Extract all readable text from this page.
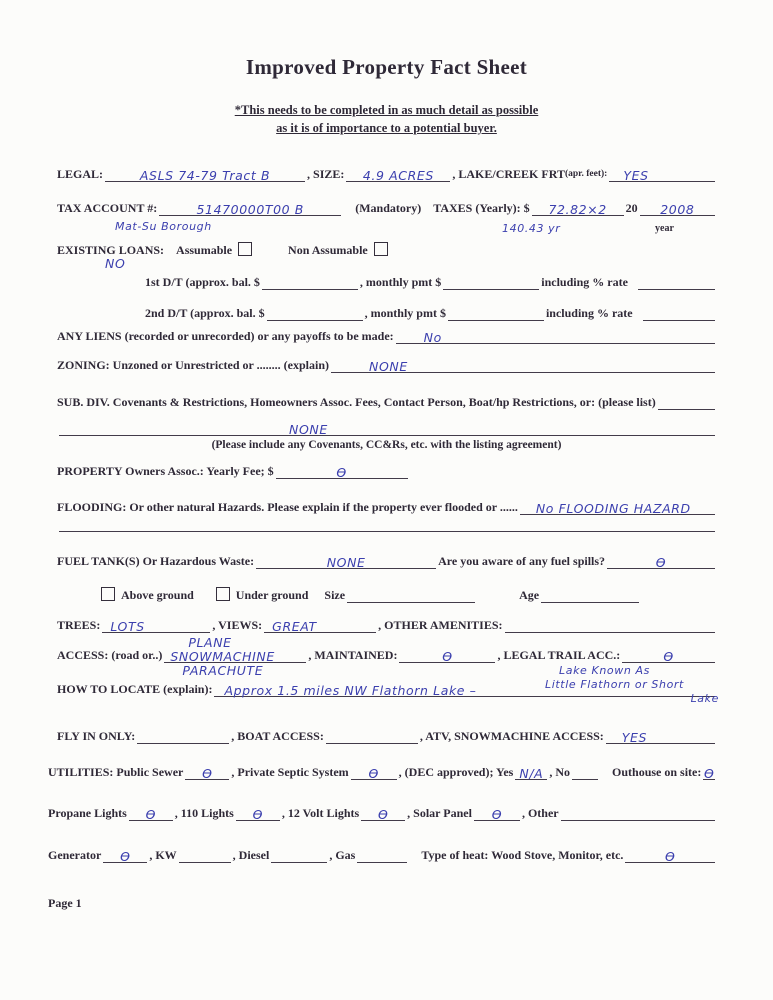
Improved Property Fact Sheet
*This needs to be completed in as much detail as possible
as it is of importance to a potential buyer.
LEGAL:	ASLS 74-79 Tract B	, SIZE: 4.9 ACRES , LAKE/CREEK FRT (apr. feet): YES
TAX ACCOUNT #:	51470000T00 B	(Mandatory) TAXES (Yearly): $ 72.82×2 20 2008
Mat-Su Borough	140.43 yr	year
EXISTING LOANS: Assumable	Non Assumable
NO
1st D/T (approx. bal. $	, monthly pmt $	including % rate
2nd D/T (approx. bal. $	, monthly pmt $	including % rate
ANY LIENS (recorded or unrecorded) or any payoffs to be made: No
ZONING: Unzoned or Unrestricted or ........ (explain)	NONE
SUB. DIV. Covenants & Restrictions, Homeowners Assoc. Fees, Contact Person, Boat/hp Restrictions, or: (please list)
NONE
(Please include any Covenants, CC&Rs, etc. with the listing agreement)
PROPERTY Owners Assoc.: Yearly Fee; $	Ө
FLOODING: Or other natural Hazards. Please explain if the property ever flooded or ...... No FLOODING HAZARD
FUEL TANK(S) Or Hazardous Waste:	NONE	Are you aware of any fuel spills?	Ө
Above ground	Under ground Size	Age
TREES: LOTS	, VIEWS: GREAT	, OTHER AMENITIES:
ACCESS: (road or..)
PLANE
SNOWMACHINE
PARACHUTE
, MAINTAINED:	Ө	, LEGAL TRAIL ACC.:	Ө
HOW TO LOCATE (explain): Approx 1.5 miles NW Flathorn Lake –
Lake Known As
Little Flathorn or Short
Lake
FLY IN ONLY:	, BOAT ACCESS:	, ATV, SNOWMACHINE ACCESS: YES
UTILITIES: Public Sewer Ө , Private Septic System Ө , (DEC approved); Yes N/A , No	Outhouse on site: Ө
Propane Lights Ө , 110 Lights Ө , 12 Volt Lights Ө , Solar Panel Ө , Other
Generator Ө , KW	, Diesel	, Gas	Type of heat: Wood Stove, Monitor, etc.	Ө
Page 1
